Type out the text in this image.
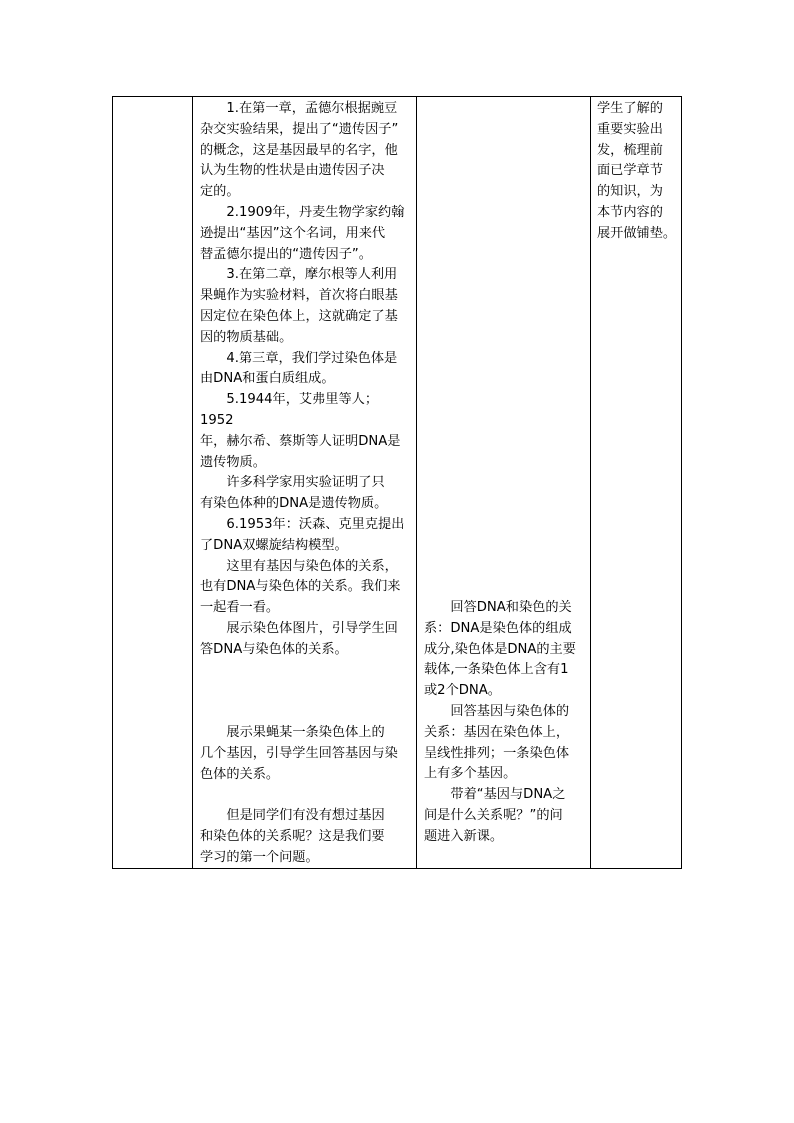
1.在第一章，孟德尔根据豌豆
杂交实验结果，提出了“遗传因子”
的概念，这是基因最早的名字，他
认为生物的性状是由遗传因子决
定的。
2.1909年，丹麦生物学家约翰
逊提出“基因”这个名词，用来代
替孟德尔提出的“遗传因子”。
3.在第二章，摩尔根等人利用
果蝇作为实验材料，首次将白眼基
因定位在染色体上，这就确定了基
因的物质基础。
4.第三章，我们学过染色体是
由DNA和蛋白质组成。
5.1944年，艾弗里等人；1952
年，赫尔希、蔡斯等人证明DNA是
遗传物质。
许多科学家用实验证明了只
有染色体种的DNA是遗传物质。
6.1953年：沃森、克里克提出
了DNA双螺旋结构模型。
这里有基因与染色体的关系，
也有DNA与染色体的关系。我们来
一起看一看。
展示染色体图片，引导学生回
答DNA与染色体的关系。
展示果蝇某一条染色体上的
几个基因，引导学生回答基因与染
色体的关系。
但是同学们有没有想过基因
和染色体的关系呢？这是我们要
学习的第一个问题。

回答DNA和染色的关
系：DNA是染色体的组成
成分,染色体是DNA的主要
载体,一条染色体上含有1
或2个DNA。
回答基因与染色体的
关系：基因在染色体上，
呈线性排列；一条染色体
上有多个基因。
带着“基因与DNA之
间是什么关系呢？”的问
题进入新课。

学生了解的
重要实验出
发，梳理前
面已学章节
的知识，为
本节内容的
展开做铺垫。
